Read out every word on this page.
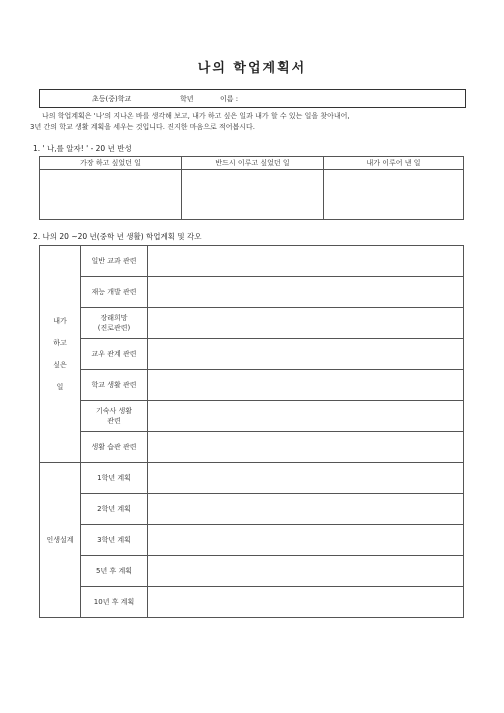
나의 학업계획서
초등(중)학교	학년	이름 :
나의 학업계획은 '나'의 지나온 바를 생각해 보고, 내가 하고 싶은 일과 내가 할 수 있는 일을 찾아내어,
3년 간의 학교 생활 계획을 세우는 것입니다. 진지한 마음으로 적어봅시다.
1. ' 나,를 알자! ' - 20 년 반성
가장 하고 싶었던 일	반드시 이루고 싶었던 일	내가 이루어 낸 일

2. 나의 20 ~20 년(중학 년 생활) 학업계획 및 각오
내가
하고
싶은
일	일반 교과 관련	
	재능 개발 관련	

	장래희망
(진로관련)	

	교우 관계 관련	
	학교 생활 관련	

	기숙사 생활
관련	

	생활 습관 관련	
인생설계	1학년 계획	
	2학년 계획	
	3학년 계획	
	5년 후 계획	
	10년 후 계획	
